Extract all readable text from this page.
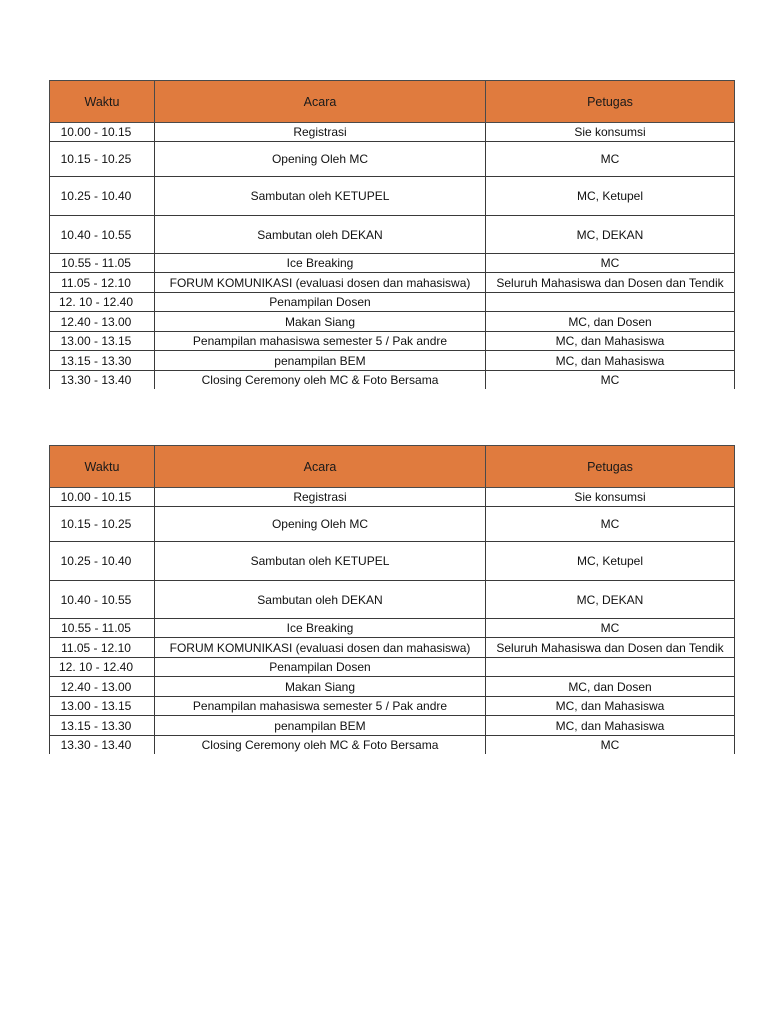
Waktu	Acara	Petugas
10.00 - 10.15	Registrasi	Sie konsumsi
10.15 - 10.25	Opening Oleh MC	MC
10.25 - 10.40	Sambutan oleh KETUPEL	MC, Ketupel
10.40 - 10.55	Sambutan oleh DEKAN	MC, DEKAN
10.55 - 11.05	Ice Breaking	MC
11.05 - 12.10	FORUM KOMUNIKASI (evaluasi dosen dan mahasiswa)	Seluruh Mahasiswa dan Dosen dan Tendik
12. 10 - 12.40	Penampilan Dosen	
12.40 - 13.00	Makan Siang	MC, dan Dosen
13.00 - 13.15	Penampilan mahasiswa semester 5 / Pak andre	MC, dan Mahasiswa
13.15 - 13.30	penampilan BEM	MC, dan Mahasiswa
13.30 - 13.40	Closing Ceremony oleh MC & Foto Bersama	MC
Waktu	Acara	Petugas
10.00 - 10.15	Registrasi	Sie konsumsi
10.15 - 10.25	Opening Oleh MC	MC
10.25 - 10.40	Sambutan oleh KETUPEL	MC, Ketupel
10.40 - 10.55	Sambutan oleh DEKAN	MC, DEKAN
10.55 - 11.05	Ice Breaking	MC
11.05 - 12.10	FORUM KOMUNIKASI (evaluasi dosen dan mahasiswa)	Seluruh Mahasiswa dan Dosen dan Tendik
12. 10 - 12.40	Penampilan Dosen	
12.40 - 13.00	Makan Siang	MC, dan Dosen
13.00 - 13.15	Penampilan mahasiswa semester 5 / Pak andre	MC, dan Mahasiswa
13.15 - 13.30	penampilan BEM	MC, dan Mahasiswa
13.30 - 13.40	Closing Ceremony oleh MC & Foto Bersama	MC
